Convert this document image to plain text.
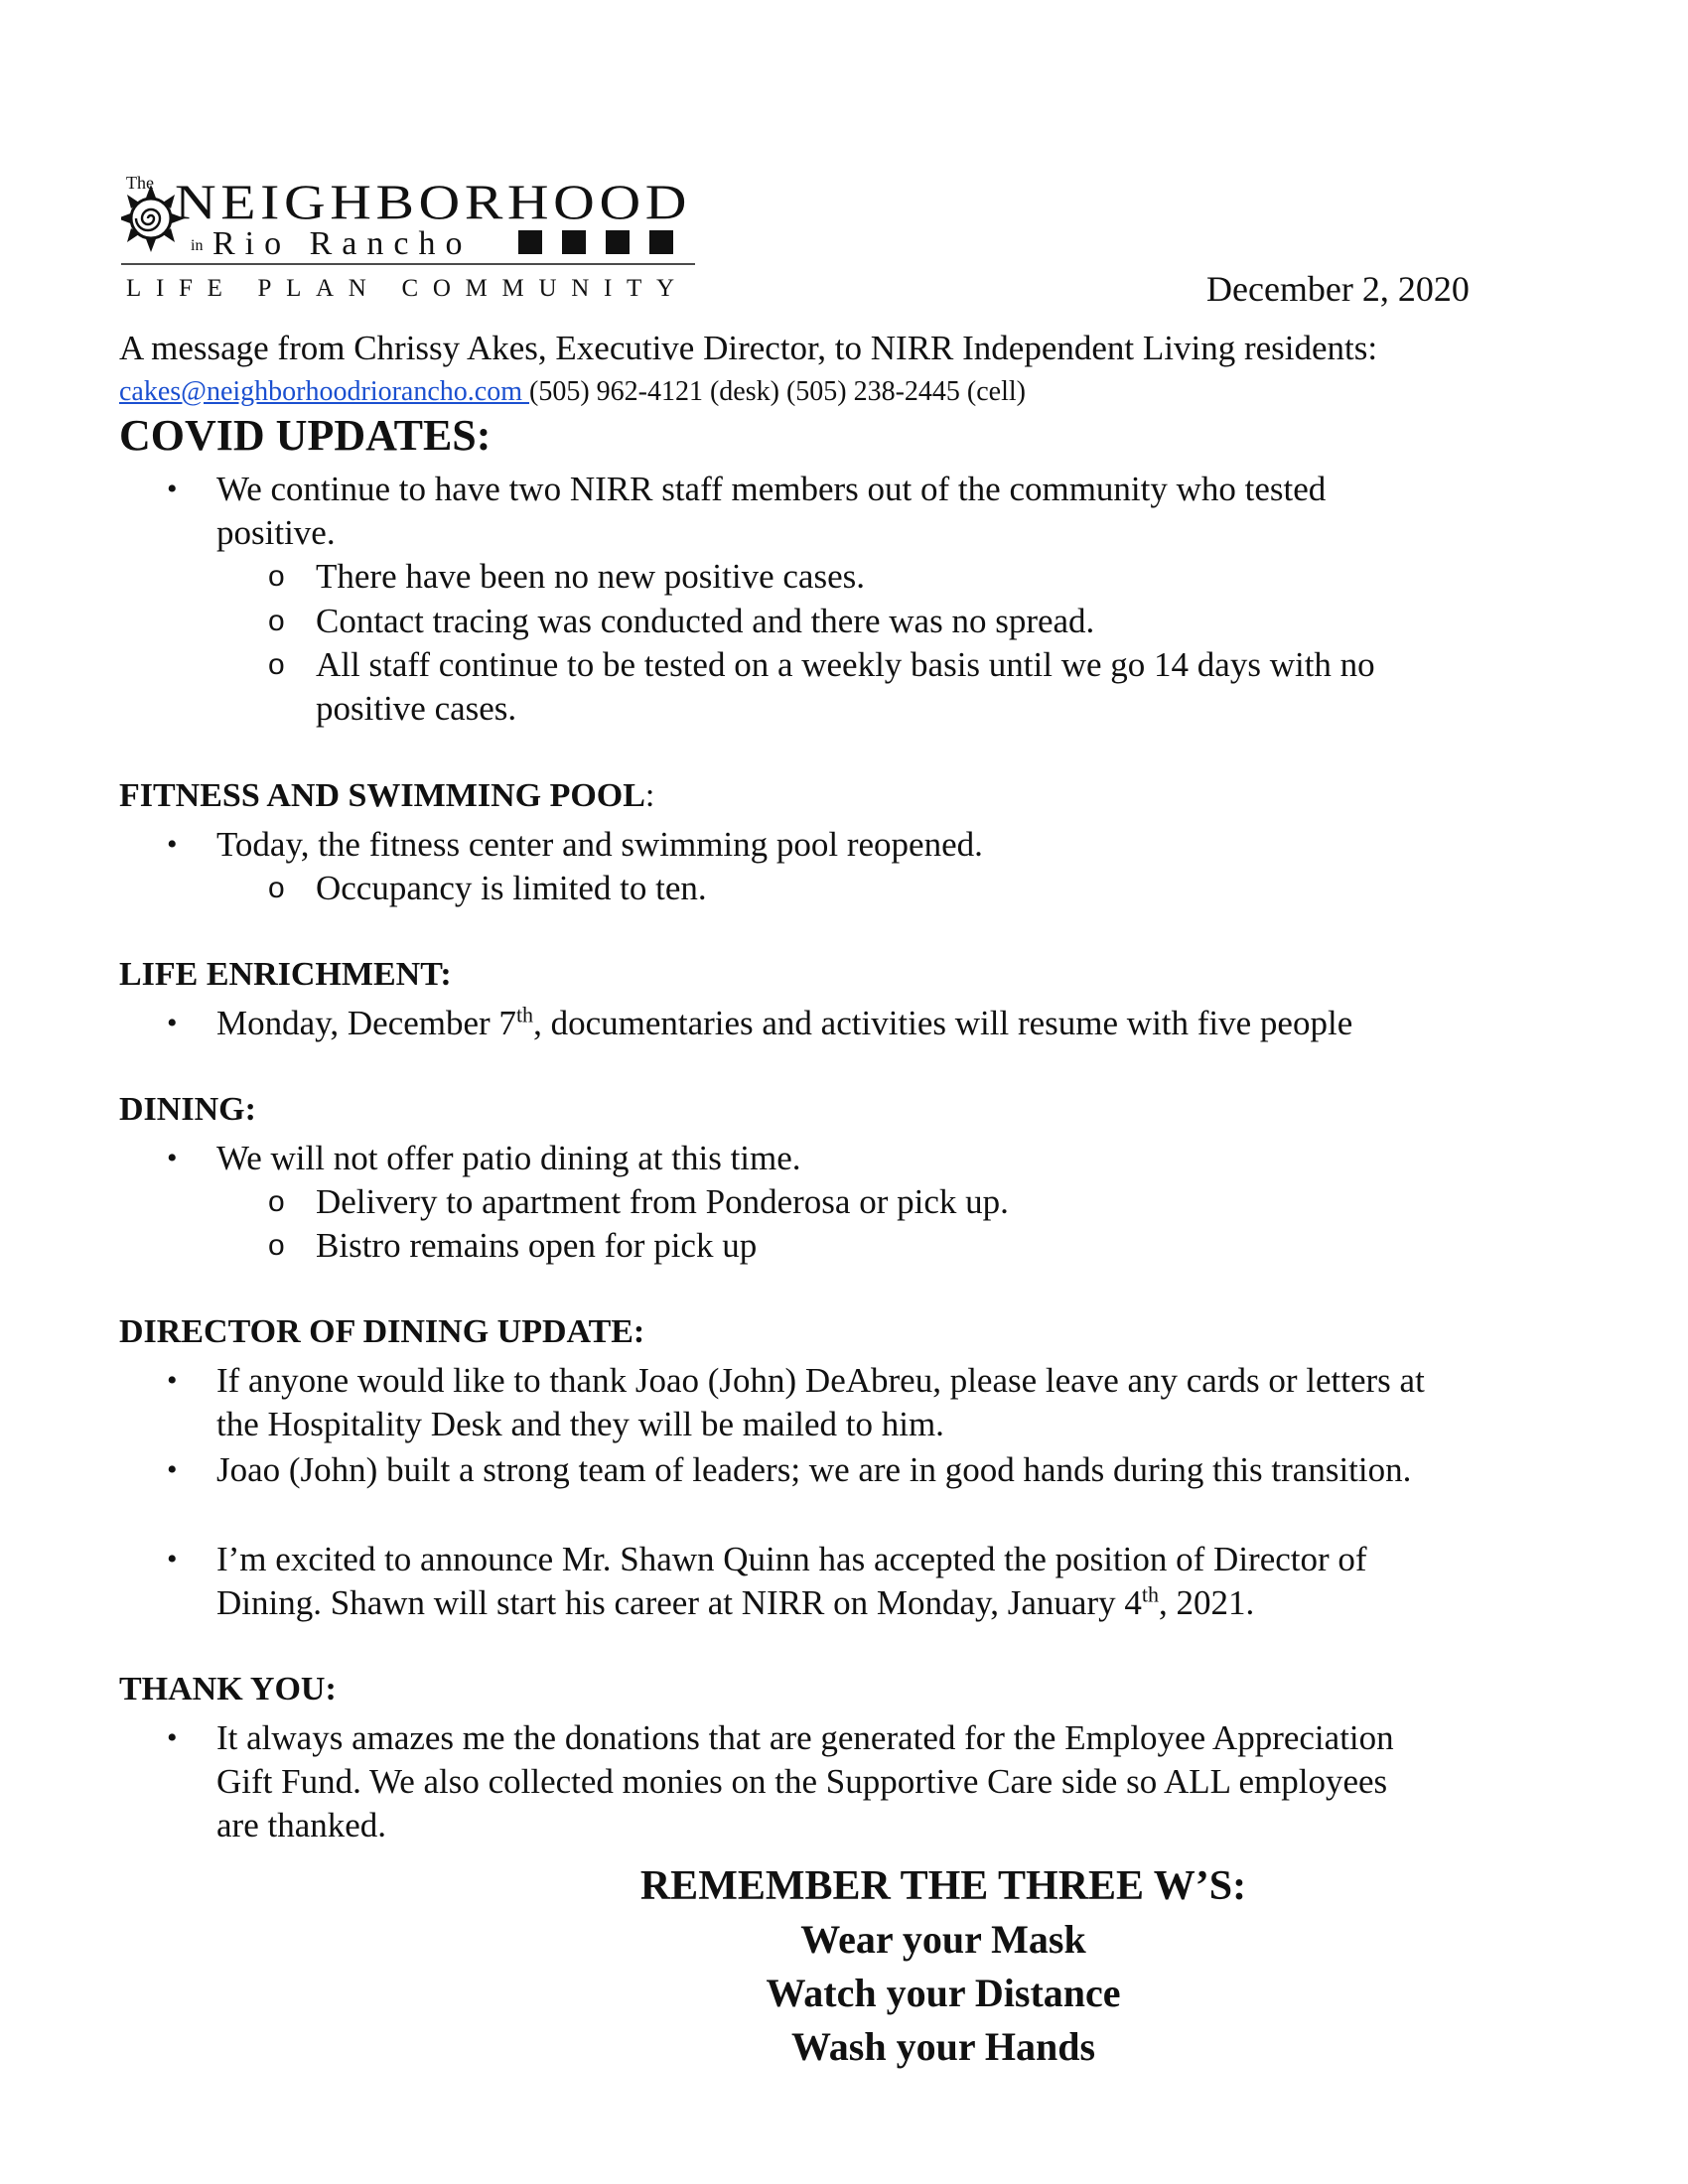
The NEIGHBORHOOD
in Rio Rancho
LIFE PLAN COMMUNITY	December 2, 2020
A message from Chrissy Akes, Executive Director, to NIRR Independent Living residents:
cakes@neighborhoodriorancho.com (505) 962-4121 (desk) (505) 238-2445 (cell)
COVID UPDATES:
• We continue to have two NIRR staff members out of the community who tested
positive.
o There have been no new positive cases.
o Contact tracing was conducted and there was no spread.
o All staff continue to be tested on a weekly basis until we go 14 days with no
positive cases.
FITNESS AND SWIMMING POOL:
• Today, the fitness center and swimming pool reopened.
o Occupancy is limited to ten.
LIFE ENRICHMENT:
• Monday, December 7th, documentaries and activities will resume with five people
DINING:
• We will not offer patio dining at this time.
o Delivery to apartment from Ponderosa or pick up.
o Bistro remains open for pick up
DIRECTOR OF DINING UPDATE:
• If anyone would like to thank Joao (John) DeAbreu, please leave any cards or letters at
the Hospitality Desk and they will be mailed to him.
• Joao (John) built a strong team of leaders; we are in good hands during this transition.
• I’m excited to announce Mr. Shawn Quinn has accepted the position of Director of
Dining. Shawn will start his career at NIRR on Monday, January 4th, 2021.
THANK YOU:
• It always amazes me the donations that are generated for the Employee Appreciation
Gift Fund. We also collected monies on the Supportive Care side so ALL employees
are thanked.
REMEMBER THE THREE W’S:
Wear your Mask
Watch your Distance
Wash your Hands
